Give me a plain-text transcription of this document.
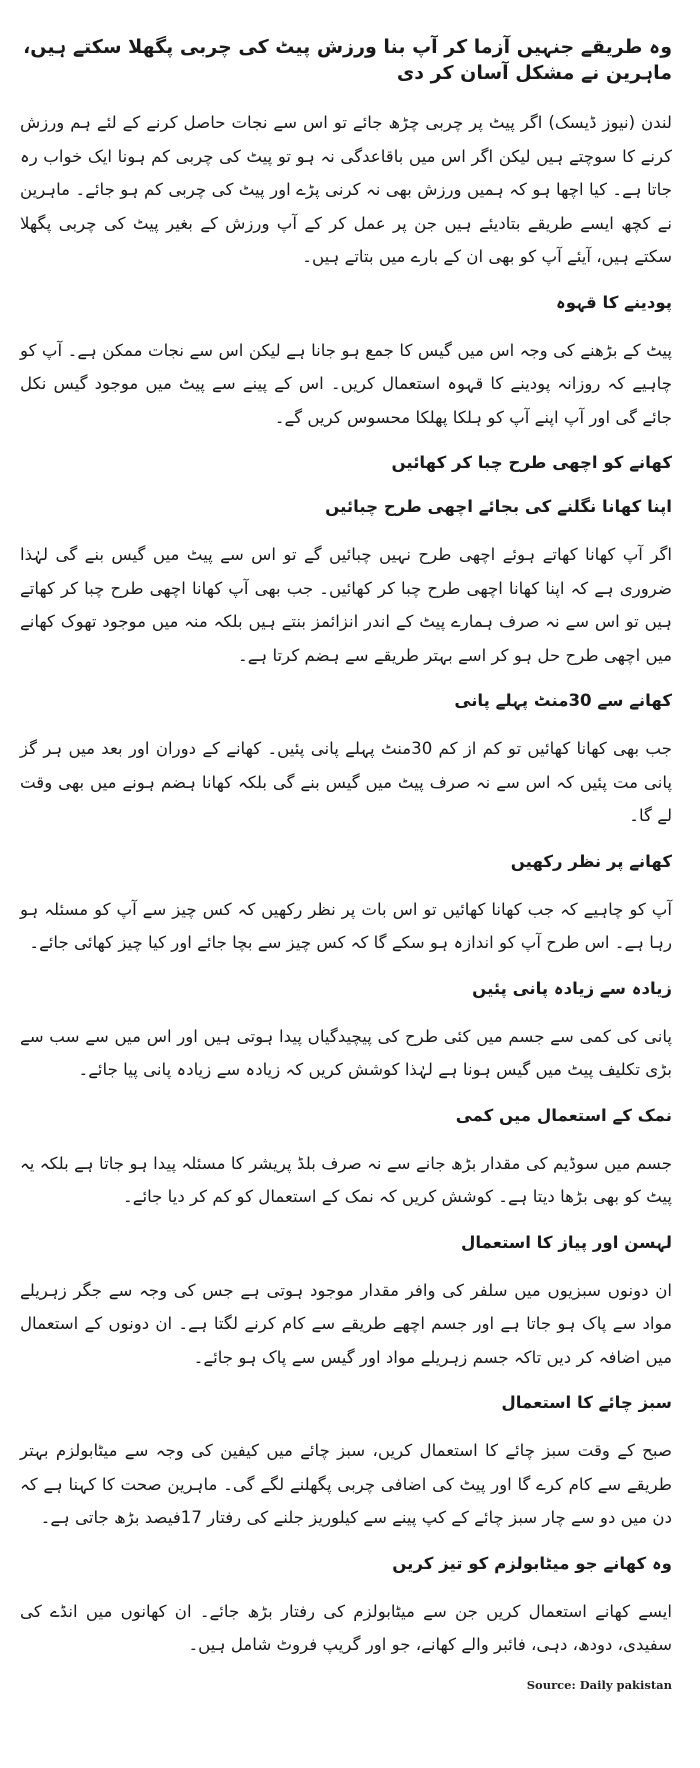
وہ طریقے جنہیں آزما کر آپ بنا ورزش پیٹ کی چربی پگھلا سکتے ہیں، ماہرین نے مشکل آسان کر دی

لندن (نیوز ڈیسک) اگر پیٹ پر چربی چڑھ جائے تو اس سے نجات حاصل کرنے کے لئے ہم ورزش کرنے کا سوچتے ہیں لیکن اگر اس میں باقاعدگی نہ ہو تو پیٹ کی چربی کم ہونا ایک خواب رہ جاتا ہے۔ کیا اچھا ہو کہ ہمیں ورزش بھی نہ کرنی پڑے اور پیٹ کی چربی کم ہو جائے۔ ماہرین نے کچھ ایسے طریقے بتادیئے ہیں جن پر عمل کر کے آپ ورزش کے بغیر پیٹ کی چربی پگھلا سکتے ہیں، آیئے آپ کو بھی ان کے بارے میں بتاتے ہیں۔

پودینے کا قہوہ

پیٹ کے بڑھنے کی وجہ اس میں گیس کا جمع ہو جانا ہے لیکن اس سے نجات ممکن ہے۔ آپ کو چاہیے کہ روزانہ پودینے کا قہوہ استعمال کریں۔ اس کے پینے سے پیٹ میں موجود گیس نکل جائے گی اور آپ اپنے آپ کو ہلکا پھلکا محسوس کریں گے۔

کھانے کو اچھی طرح چبا کر کھائیں
اپنا کھانا نگلنے کی بجائے اچھی طرح چبائیں

اگر آپ کھانا کھاتے ہوئے اچھی طرح نہیں چبائیں گے تو اس سے پیٹ میں گیس بنے گی لہٰذا ضروری ہے کہ اپنا کھانا اچھی طرح چبا کر کھائیں۔ جب بھی آپ کھانا اچھی طرح چبا کر کھاتے ہیں تو اس سے نہ صرف ہمارے پیٹ کے اندر انزائمز بنتے ہیں بلکہ منہ میں موجود تھوک کھانے میں اچھی طرح حل ہو کر اسے بہتر طریقے سے ہضم کرتا ہے۔

کھانے سے 30منٹ پہلے پانی

جب بھی کھانا کھائیں تو کم از کم 30منٹ پہلے پانی پئیں۔ کھانے کے دوران اور بعد میں ہر گز پانی مت پئیں کہ اس سے نہ صرف پیٹ میں گیس بنے گی بلکہ کھانا ہضم ہونے میں بھی وقت لے گا۔

کھانے پر نظر رکھیں

آپ کو چاہیے کہ جب کھانا کھائیں تو اس بات پر نظر رکھیں کہ کس چیز سے آپ کو مسئلہ ہو رہا ہے۔ اس طرح آپ کو اندازہ ہو سکے گا کہ کس چیز سے بچا جائے اور کیا چیز کھائی جائے۔

زیادہ سے زیادہ پانی پئیں

پانی کی کمی سے جسم میں کئی طرح کی پیچیدگیاں پیدا ہوتی ہیں اور اس میں سے سب سے بڑی تکلیف پیٹ میں گیس ہونا ہے لہٰذا کوشش کریں کہ زیادہ سے زیادہ پانی پیا جائے۔

نمک کے استعمال میں کمی

جسم میں سوڈیم کی مقدار بڑھ جانے سے نہ صرف بلڈ پریشر کا مسئلہ پیدا ہو جاتا ہے بلکہ یہ پیٹ کو بھی بڑھا دیتا ہے۔ کوشش کریں کہ نمک کے استعمال کو کم کر دیا جائے۔

لہسن اور پیاز کا استعمال

ان دونوں سبزیوں میں سلفر کی وافر مقدار موجود ہوتی ہے جس کی وجہ سے جگر زہریلے مواد سے پاک ہو جاتا ہے اور جسم اچھے طریقے سے کام کرنے لگتا ہے۔ ان دونوں کے استعمال میں اضافہ کر دیں تاکہ جسم زہریلے مواد اور گیس سے پاک ہو جائے۔

سبز چائے کا استعمال

صبح کے وقت سبز چائے کا استعمال کریں، سبز چائے میں کیفین کی وجہ سے میٹابولزم بہتر طریقے سے کام کرے گا اور پیٹ کی اضافی چربی پگھلنے لگے گی۔ ماہرین صحت کا کہنا ہے کہ دن میں دو سے چار سبز چائے کے کپ پینے سے کیلوریز جلنے کی رفتار 17فیصد بڑھ جاتی ہے۔

وہ کھانے جو میٹابولزم کو تیز کریں

ایسے کھانے استعمال کریں جن سے میٹابولزم کی رفتار بڑھ جائے۔ ان کھانوں میں انڈے کی سفیدی، دودھ، دہی، فائبر والے کھانے، جو اور گریپ فروٹ شامل ہیں۔

Source: Daily pakistan
